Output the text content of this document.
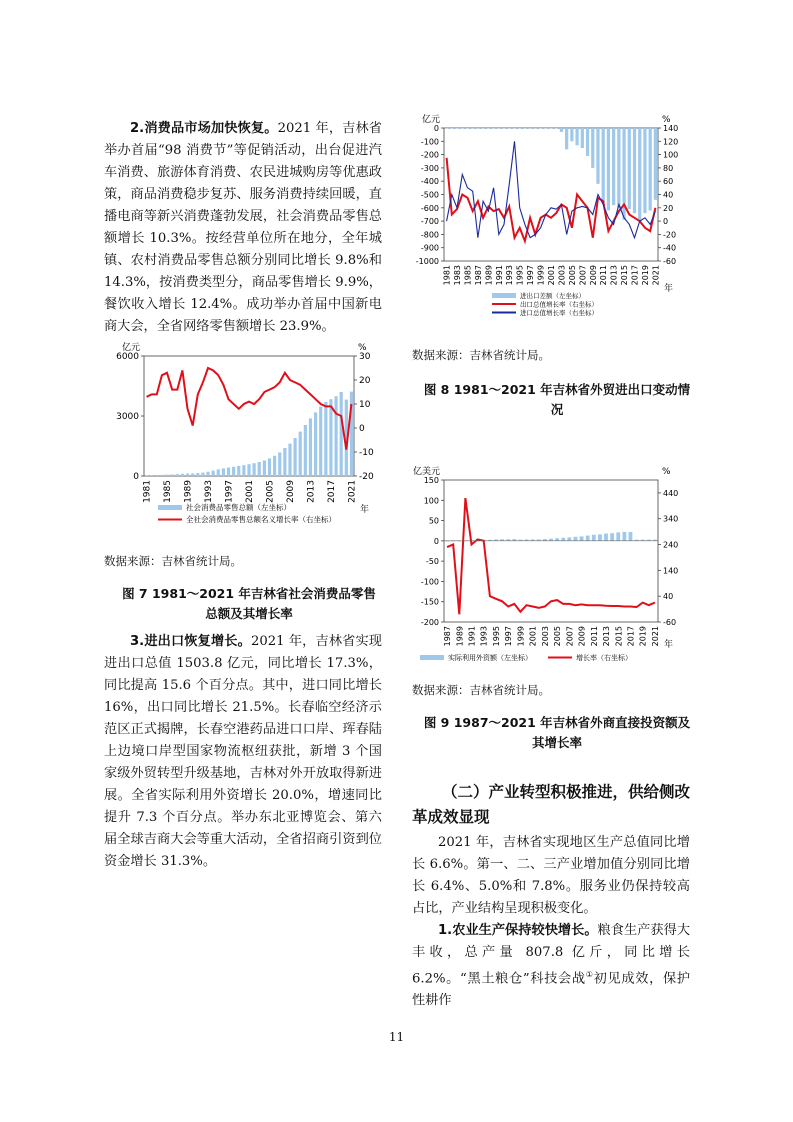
2.消费品市场加快恢复。2021 年，吉林省举办首届“98 消费节”等促销活动，出台促进汽车消费、旅游体育消费、农民进城购房等优惠政策，商品消费稳步复苏、服务消费持续回暖，直播电商等新兴消费蓬勃发展，社会消费品零售总额增长 10.3%。按经营单位所在地分，全年城镇、农村消费品零售总额分别同比增长 9.8%和 14.3%，按消费类型分，商品零售增长 9.9%，餐饮收入增长 12.4%。成功举办首届中国新电商大会，全省网络零售额增长 23.9%。
亿元	%
0
3000
6000
-20
-10
0
10
20
30
1981 1985 1989 1993 1997 2001 2005 2009 2013 2017 2021
年
社会消费品零售总额（左坐标）
全社会消费品零售总额名义增长率（右坐标）
数据来源：吉林省统计局。
图 7 1981～2021 年吉林省社会消费品零售总额及其增长率
3.进出口恢复增长。2021 年，吉林省实现进出口总值 1503.8 亿元，同比增长 17.3%，同比提高 15.6 个百分点。其中，进口同比增长 16%，出口同比增长 21.5%。长春临空经济示范区正式揭牌，长春空港药品进口口岸、珲春陆上边境口岸型国家物流枢纽获批，新增 3 个国家级外贸转型升级基地，吉林对外开放取得新进展。全省实际利用外资增长 20.0%，增速同比提升 7.3 个百分点。举办东北亚博览会、第六届全球吉商大会等重大活动，全省招商引资到位资金增长 31.3%。
亿元	%
0
-100
-200
-300
-400
-500
-600
-700
-800
-900
-1000
140
120
100
80
60
40
20
0
-20
-40
-60
1981 1983 1985 1987 1989 1991 1993 1995 1997 1999 2001 2003 2005 2007 2009 2011 2013 2015 2017 2019 2021
年
进出口差额（左坐标）
出口总值增长率（右坐标）
进口总值增长率（右坐标）
数据来源：吉林省统计局。
图 8 1981～2021 年吉林省外贸进出口变动情况
亿美元	%
150
100
50
0
-50
-100
-150
-200
440
340
240
140
40
-60
1987 1989 1991 1993 1995 1997 1999 2001 2003 2005 2007 2009 2011 2013 2015 2017 2019 2021 年
实际利用外资额（左坐标）	增长率（右坐标）
数据来源：吉林省统计局。
图 9 1987～2021 年吉林省外商直接投资额及其增长率
（二）产业转型积极推进，供给侧改革成效显现
2021 年，吉林省实现地区生产总值同比增长 6.6%。第一、二、三产业增加值分别同比增长 6.4%、5.0%和 7.8%。服务业仍保持较高占比，产业结构呈现积极变化。
1.农业生产保持较快增长。粮食生产获得大丰收，总产量 807.8 亿斤，同比增长 6.2%。“黑土粮仓”科技会战①初见成效，保护性耕作
11
